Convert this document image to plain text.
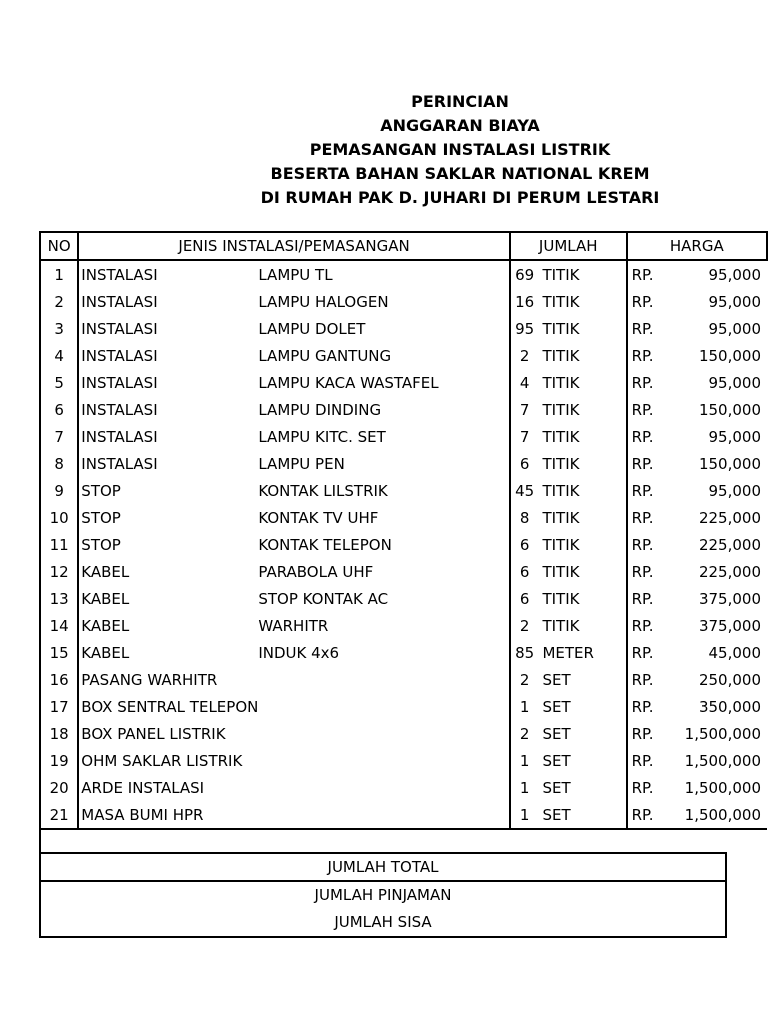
PERINCIAN
ANGGARAN BIAYA
PEMASANGAN INSTALASI LISTRIK
BESERTA BAHAN SAKLAR NATIONAL KREM
DI RUMAH PAK D. JUHARI DI PERUM LESTARI
NO	JENIS INSTALASI/PEMASANGAN		JUMLAH		HARGA	
1	INSTALASI	LAMPU TL	69	TITIK	RP.	95,000
2	INSTALASI	LAMPU HALOGEN	16	TITIK	RP.	95,000
3	INSTALASI	LAMPU DOLET	95	TITIK	RP.	95,000
4	INSTALASI	LAMPU GANTUNG	2	TITIK	RP.	150,000
5	INSTALASI	LAMPU KACA WASTAFEL	4	TITIK	RP.	95,000
6	INSTALASI	LAMPU DINDING	7	TITIK	RP.	150,000
7	INSTALASI	LAMPU KITC. SET	7	TITIK	RP.	95,000
8	INSTALASI	LAMPU PEN	6	TITIK	RP.	150,000
9	STOP	KONTAK LILSTRIK	45	TITIK	RP.	95,000
10	STOP	KONTAK TV UHF	8	TITIK	RP.	225,000
11	STOP	KONTAK TELEPON	6	TITIK	RP.	225,000
12	KABEL	PARABOLA UHF	6	TITIK	RP.	225,000
13	KABEL	STOP KONTAK AC	6	TITIK	RP.	375,000
14	KABEL	WARHITR	2	TITIK	RP.	375,000
15	KABEL	INDUK 4x6	85	METER	RP.	45,000
16	PASANG WARHITR		2	SET	RP.	250,000
17	BOX SENTRAL TELEPON		1	SET	RP.	350,000
18	BOX PANEL LISTRIK		2	SET	RP.	1,500,000
19	OHM SAKLAR LISTRIK		1	SET	RP.	1,500,000
20	ARDE INSTALASI		1	SET	RP.	1,500,000
21	MASA BUMI HPR		1	SET	RP.	1,500,000
JUMLAH TOTAL
JUMLAH PINJAMAN
JUMLAH SISA
